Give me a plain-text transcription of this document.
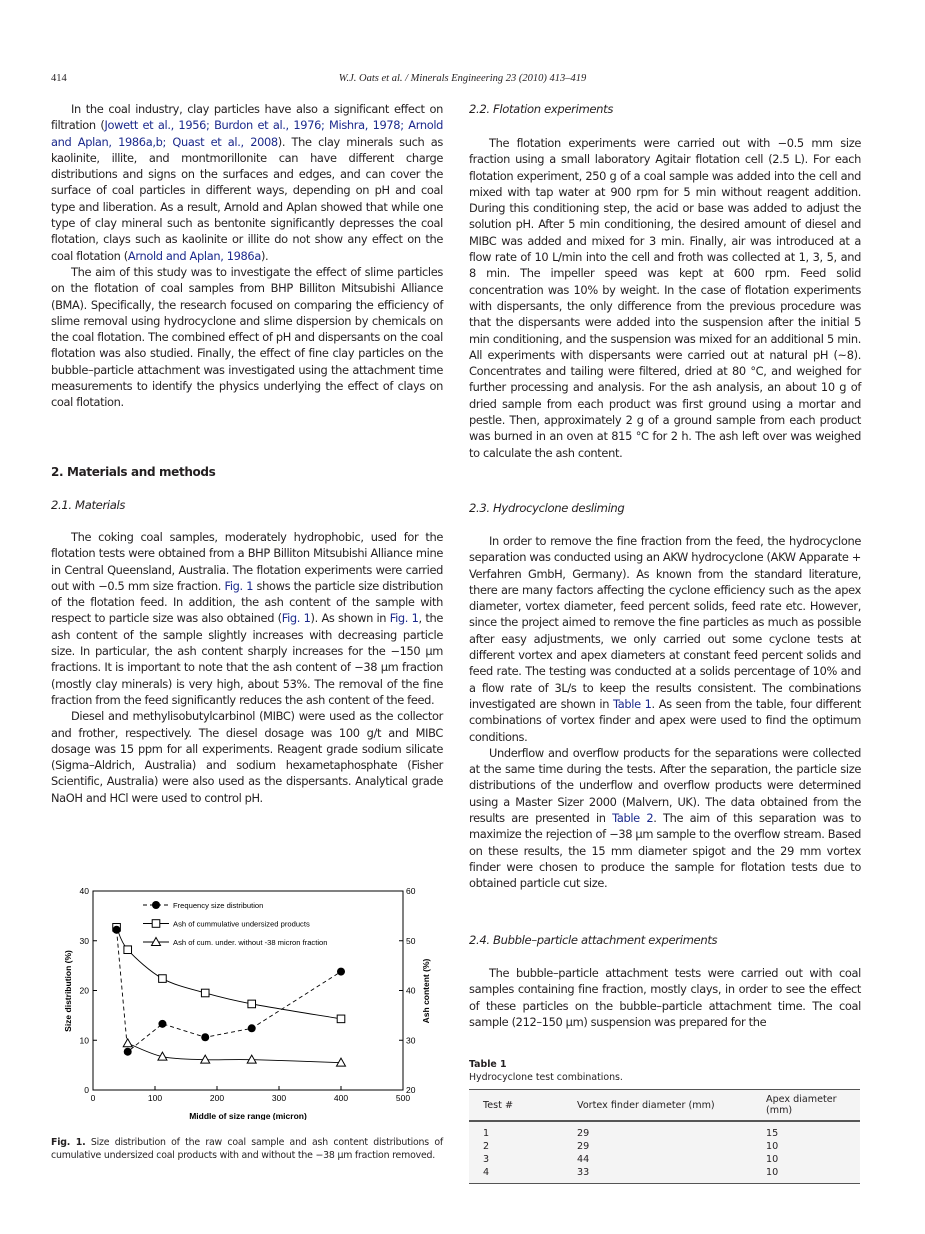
414	W.J. Oats et al. / Minerals Engineering 23 (2010) 413–419

In the coal industry, clay particles have also a significant effect on filtration (Jowett et al., 1956; Burdon et al., 1976; Mishra, 1978; Arnold and Aplan, 1986a,b; Quast et al., 2008). The clay minerals such as kaolinite, illite, and montmorillonite can have different charge distributions and signs on the surfaces and edges, and can cover the surface of coal particles in different ways, depending on pH and coal type and liberation. As a result, Arnold and Aplan showed that while one type of clay mineral such as bentonite significantly depresses the coal flotation, clays such as kaolinite or illite do not show any effect on the coal flotation (Arnold and Aplan, 1986a).

The aim of this study was to investigate the effect of slime particles on the flotation of coal samples from BHP Billiton Mitsubishi Alliance (BMA). Specifically, the research focused on comparing the efficiency of slime removal using hydrocyclone and slime dispersion by chemicals on the coal flotation. The combined effect of pH and dispersants on the coal flotation was also studied. Finally, the effect of fine clay particles on the bubble–particle attachment was investigated using the attachment time measurements to identify the physics underlying the effect of clays on coal flotation.

2. Materials and methods
2.1. Materials

The coking coal samples, moderately hydrophobic, used for the flotation tests were obtained from a BHP Billiton Mitsubishi Alliance mine in Central Queensland, Australia. The flotation experiments were carried out with −0.5 mm size fraction. Fig. 1 shows the particle size distribution of the flotation feed. In addition, the ash content of the sample with respect to particle size was also obtained (Fig. 1). As shown in Fig. 1, the ash content of the sample slightly increases with decreasing particle size. In particular, the ash content sharply increases for the −150 μm fractions. It is important to note that the ash content of −38 μm fraction (mostly clay minerals) is very high, about 53%. The removal of the fine fraction from the feed significantly reduces the ash content of the feed.

Diesel and methylisobutylcarbinol (MIBC) were used as the collector and frother, respectively. The diesel dosage was 100 g/t and MIBC dosage was 15 ppm for all experiments. Reagent grade sodium silicate (Sigma–Aldrich, Australia) and sodium hexametaphosphate (Fisher Scientific, Australia) were also used as the dispersants. Analytical grade NaOH and HCl were used to control pH.

0	100	200	300	400	500
0
10
20
30
40
20
30
40
50
60
Frequency size distribution
Ash of cummulative undersized products
Ash of cum. under. without -38 micron fraction
Middle of size range (micron)
Size distribution (%)	Ash content (%)
Fig. 1. Size distribution of the raw coal sample and ash content distributions of cumulative undersized coal products with and without the −38 μm fraction removed.
2.2. Flotation experiments

The flotation experiments were carried out with −0.5 mm size fraction using a small laboratory Agitair flotation cell (2.5 L). For each flotation experiment, 250 g of a coal sample was added into the cell and mixed with tap water at 900 rpm for 5 min without reagent addition. During this conditioning step, the acid or base was added to adjust the solution pH. After 5 min conditioning, the desired amount of diesel and MIBC was added and mixed for 3 min. Finally, air was introduced at a flow rate of 10 L/min into the cell and froth was collected at 1, 3, 5, and 8 min. The impeller speed was kept at 600 rpm. Feed solid concentration was 10% by weight. In the case of flotation experiments with dispersants, the only difference from the previous procedure was that the dispersants were added into the suspension after the initial 5 min conditioning, and the suspension was mixed for an additional 5 min. All experiments with dispersants were carried out at natural pH (~8). Concentrates and tailing were filtered, dried at 80 °C, and weighed for further processing and analysis. For the ash analysis, an about 10 g of dried sample from each product was first ground using a mortar and pestle. Then, approximately 2 g of a ground sample from each product was burned in an oven at 815 °C for 2 h. The ash left over was weighed to calculate the ash content.

2.3. Hydrocyclone desliming

In order to remove the fine fraction from the feed, the hydrocyclone separation was conducted using an AKW hydrocyclone (AKW Apparate + Verfahren GmbH, Germany). As known from the standard literature, there are many factors affecting the cyclone efficiency such as the apex diameter, vortex diameter, feed percent solids, feed rate etc. However, since the project aimed to remove the fine particles as much as possible after easy adjustments, we only carried out some cyclone tests at different vortex and apex diameters at constant feed percent solids and feed rate. The testing was conducted at a solids percentage of 10% and a flow rate of 3L/s to keep the results consistent. The combinations investigated are shown in Table 1. As seen from the table, four different combinations of vortex finder and apex were used to find the optimum conditions.

Underflow and overflow products for the separations were collected at the same time during the tests. After the separation, the particle size distributions of the underflow and overflow products were determined using a Master Sizer 2000 (Malvern, UK). The data obtained from the results are presented in Table 2. The aim of this separation was to maximize the rejection of −38 μm sample to the overflow stream. Based on these results, the 15 mm diameter spigot and the 29 mm vortex finder were chosen to produce the sample for flotation tests due to obtained particle cut size.

2.4. Bubble–particle attachment experiments

The bubble–particle attachment tests were carried out with coal samples containing fine fraction, mostly clays, in order to see the effect of these particles on the bubble–particle attachment time. The coal sample (212–150 μm) suspension was prepared for the

Table 1
Hydrocyclone test combinations.
Test #	Vortex finder diameter (mm)	Apex diameter (mm)
1	29	15
2	29	10
3	44	10
4	33	10
